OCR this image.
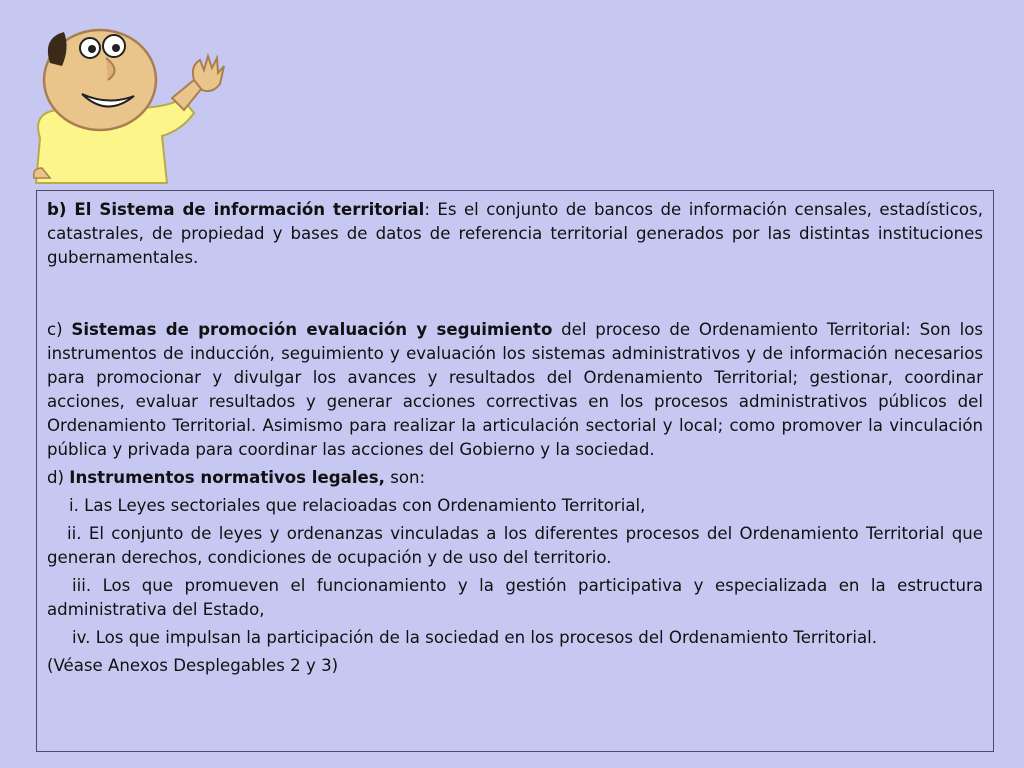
b) El Sistema de información territorial: Es el conjunto de bancos de información censales, estadísticos, catastrales, de propiedad y bases de datos de referencia territorial generados por las distintas instituciones gubernamentales.

c) Sistemas de promoción evaluación y seguimiento del proceso de Ordenamiento Territorial: Son los instrumentos de inducción, seguimiento y evaluación los sistemas administrativos y de información necesarios para promocionar y divulgar los avances y resultados del Ordenamiento Territorial; gestionar, coordinar acciones, evaluar resultados y generar acciones correctivas en los procesos administrativos públicos del Ordenamiento Territorial. Asimismo para realizar la articulación sectorial y local; como promover la vinculación pública y privada para coordinar las acciones del Gobierno y la sociedad.

d) Instrumentos normativos legales, son:

i. Las Leyes sectoriales que relacioadas con Ordenamiento Territorial,

ii. El conjunto de leyes y ordenanzas vinculadas a los diferentes procesos del Ordenamiento Territorial que generan derechos, condiciones de ocupación y de uso del territorio.

iii. Los que promueven el funcionamiento y la gestión participativa y especializada en la estructura administrativa del Estado,

iv. Los que impulsan la participación de la sociedad en los procesos del Ordenamiento Territorial.

(Véase Anexos Desplegables 2 y 3)
